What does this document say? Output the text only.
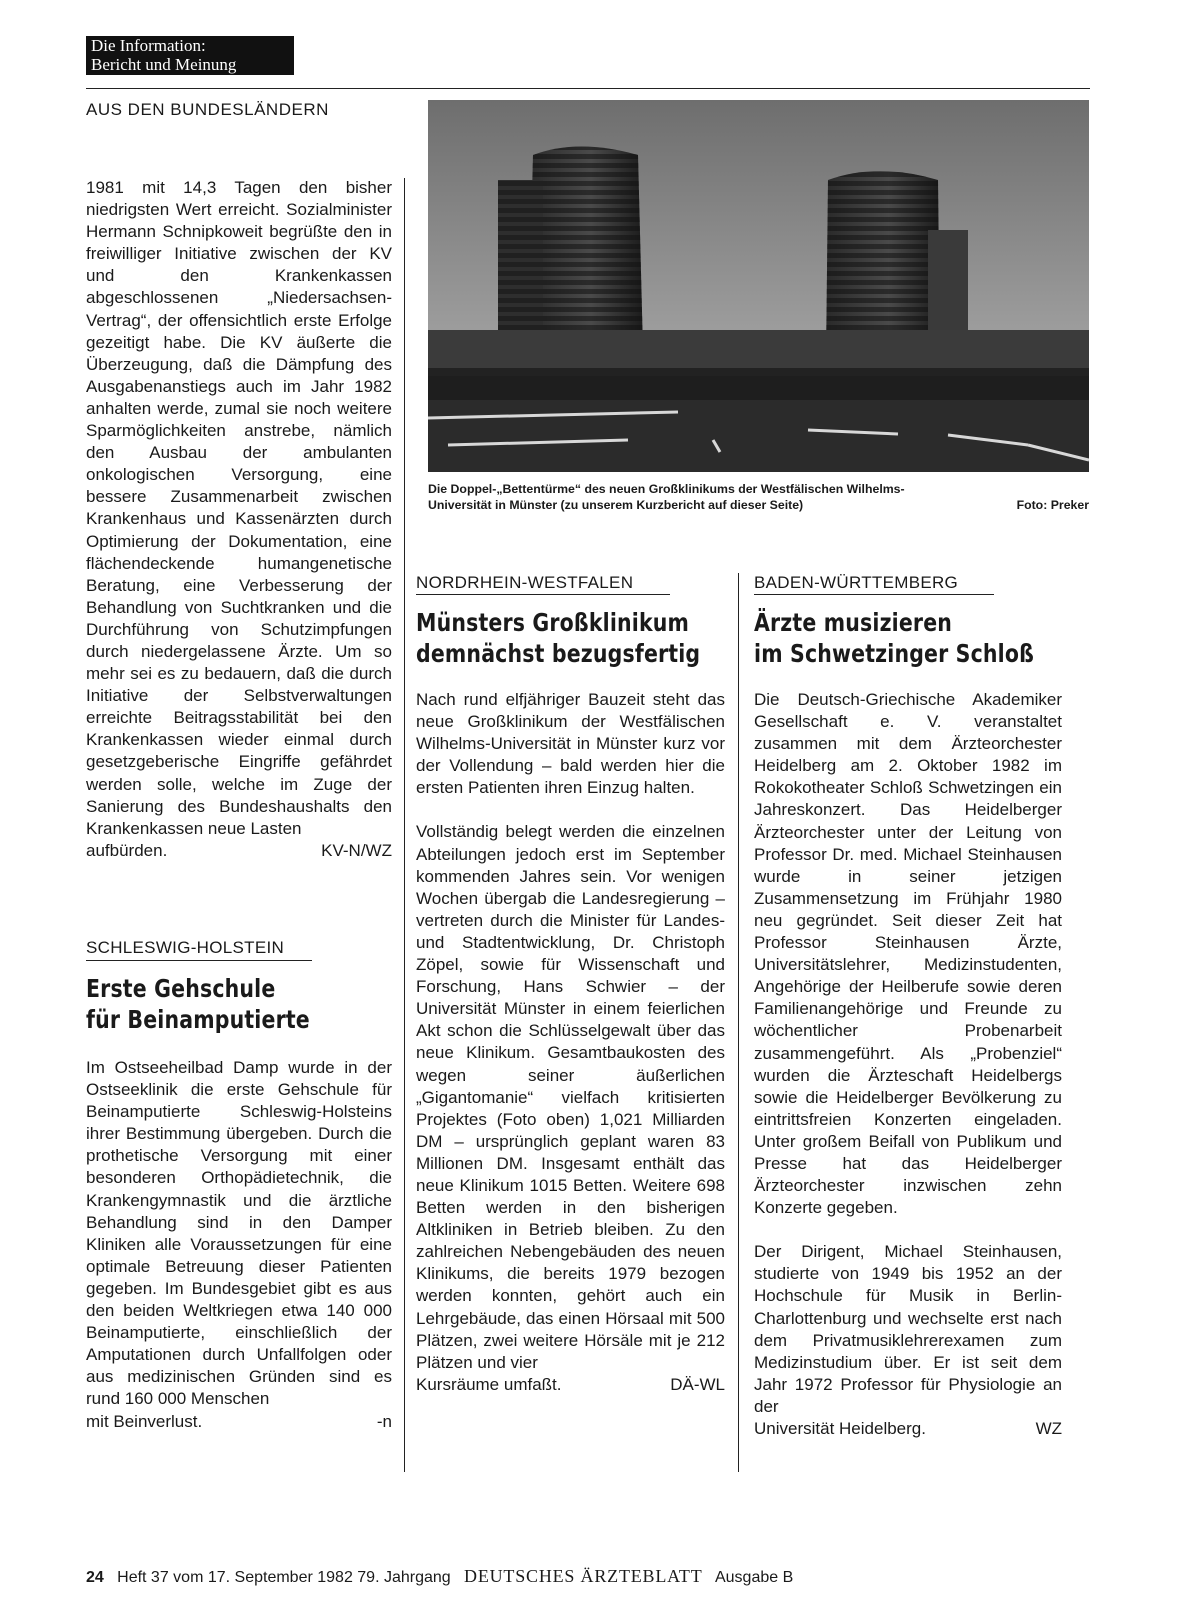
Die Information:
Bericht und Meinung
AUS DEN BUNDESLÄNDERN
Die Doppel-„Bettentürme“ des neuen Großklinikums der Westfälischen Wilhelms-
Universität in Münster (zu unserem Kurzbericht auf dieser Seite)	Foto: Preker

1981 mit 14,3 Tagen den bisher niedrigsten Wert erreicht. Sozialminister Hermann Schnipkoweit begrüßte den in freiwilliger Initiative zwischen der KV und den Krankenkassen abgeschlossenen „Niedersachsen-Vertrag“, der offensichtlich erste Erfolge gezeitigt habe. Die KV äußerte die Überzeugung, daß die Dämpfung des Ausgabenanstiegs auch im Jahr 1982 anhalten werde, zumal sie noch weitere Sparmöglichkeiten anstrebe, nämlich den Ausbau der ambulanten onkologischen Versorgung, eine bessere Zusammenarbeit zwischen Krankenhaus und Kassenärzten durch Optimierung der Dokumentation, eine flächendeckende humangenetische Beratung, eine Verbesserung der Behandlung von Suchtkranken und die Durchführung von Schutzimpfungen durch niedergelassene Ärzte. Um so mehr sei es zu bedauern, daß die durch Initiative der Selbstverwaltungen erreichte Beitragsstabilität bei den Krankenkassen wieder einmal durch gesetzgeberische Eingriffe gefährdet werden solle, welche im Zuge der Sanierung des Bundeshaushalts den Krankenkassen neue Lasten

aufbürden.	KV-N/WZ
SCHLESWIG-HOLSTEIN
Erste Gehschule
für Beinamputierte

Im Ostseeheilbad Damp wurde in der Ostseeklinik die erste Gehschule für Beinamputierte Schleswig-Holsteins ihrer Bestimmung übergeben. Durch die prothetische Versorgung mit einer besonderen Orthopädietechnik, die Krankengymnastik und die ärztliche Behandlung sind in den Damper Kliniken alle Voraussetzungen für eine optimale Betreuung dieser Patienten gegeben. Im Bundesgebiet gibt es aus den beiden Weltkriegen etwa 140 000 Beinamputierte, einschließlich der Amputationen durch Unfallfolgen oder aus medizinischen Gründen sind es rund 160 000 Menschen

mit Beinverlust.	-n
NORDRHEIN-WESTFALEN
Münsters Großklinikum
demnächst bezugsfertig

Nach rund elfjähriger Bauzeit steht das neue Großklinikum der Westfälischen Wilhelms-Universität in Münster kurz vor der Vollendung – bald werden hier die ersten Patienten ihren Einzug halten.

Vollständig belegt werden die einzelnen Abteilungen jedoch erst im September kommenden Jahres sein. Vor wenigen Wochen übergab die Landesregierung – vertreten durch die Minister für Landes- und Stadtentwicklung, Dr. Christoph Zöpel, sowie für Wissenschaft und Forschung, Hans Schwier – der Universität Münster in einem feierlichen Akt schon die Schlüsselgewalt über das neue Klinikum. Gesamtbaukosten des wegen seiner äußerlichen „Gigantomanie“ vielfach kritisierten Projektes (Foto oben) 1,021 Milliarden DM – ursprünglich geplant waren 83 Millionen DM. Insgesamt enthält das neue Klinikum 1015 Betten. Weitere 698 Betten werden in den bisherigen Altkliniken in Betrieb bleiben. Zu den zahlreichen Nebengebäuden des neuen Klinikums, die bereits 1979 bezogen werden konnten, gehört auch ein Lehrgebäude, das einen Hörsaal mit 500 Plätzen, zwei weitere Hörsäle mit je 212 Plätzen und vier

Kursräume umfaßt.	DÄ-WL
BADEN-WÜRTTEMBERG
Ärzte musizieren
im Schwetzinger Schloß

Die Deutsch-Griechische Akademiker Gesellschaft e. V. veranstaltet zusammen mit dem Ärzteorchester Heidelberg am 2. Oktober 1982 im Rokokotheater Schloß Schwetzingen ein Jahreskonzert. Das Heidelberger Ärzteorchester unter der Leitung von Professor Dr. med. Michael Steinhausen wurde in seiner jetzigen Zusammensetzung im Frühjahr 1980 neu gegründet. Seit dieser Zeit hat Professor Steinhausen Ärzte, Universitätslehrer, Medizinstudenten, Angehörige der Heilberufe sowie deren Familienangehörige und Freunde zu wöchentlicher Probenarbeit zusammengeführt. Als „Probenziel“ wurden die Ärzteschaft Heidelbergs sowie die Heidelberger Bevölkerung zu eintrittsfreien Konzerten eingeladen. Unter großem Beifall von Publikum und Presse hat das Heidelberger Ärzteorchester inzwischen zehn Konzerte gegeben.

Der Dirigent, Michael Steinhausen, studierte von 1949 bis 1952 an der Hochschule für Musik in Berlin-Charlottenburg und wechselte erst nach dem Privatmusiklehrerexamen zum Medizinstudium über. Er ist seit dem Jahr 1972 Professor für Physiologie an der

Universität Heidelberg.	WZ
24 Heft 37 vom 17. September 1982 79. Jahrgang DEUTSCHES ÄRZTEBLATT Ausgabe B
